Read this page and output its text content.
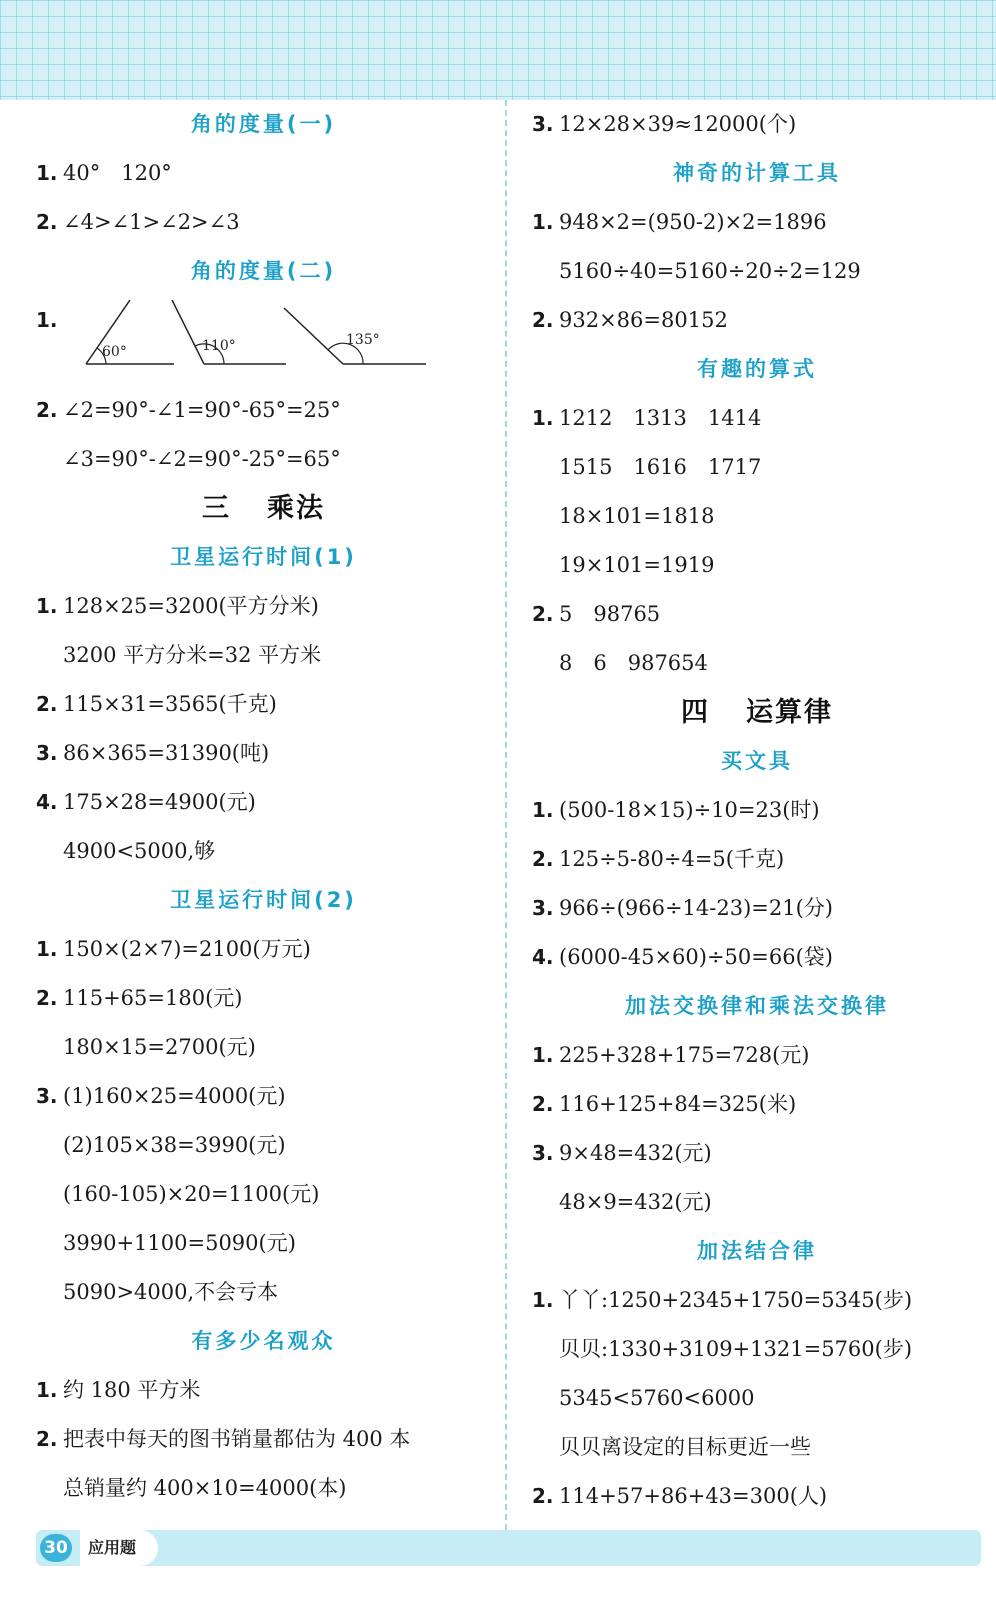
角的度量(一)
1. 40°　120°
2. ∠4>∠1>∠2>∠3
角的度量(二)
1.
60°	110°	135°
2. ∠2=90°-∠1=90°-65°=25°
∠3=90°-∠2=90°-25°=65°
三 乘法
卫星运行时间(1)
1. 128×25=3200(平方分米)
3200 平方分米=32 平方米
2. 115×31=3565(千克)
3. 86×365=31390(吨)
4. 175×28=4900(元)
4900<5000,够
卫星运行时间(2)
1. 150×(2×7)=2100(万元)
2. 115+65=180(元)
180×15=2700(元)
3. (1)160×25=4000(元)
(2)105×38=3990(元)
(160-105)×20=1100(元)
3990+1100=5090(元)
5090>4000,不会亏本
有多少名观众
1. 约 180 平方米
2. 把表中每天的图书销量都估为 400 本
总销量约 400×10=4000(本)
3. 12×28×39≈12000(个)
神奇的计算工具
1. 948×2=(950-2)×2=1896
5160÷40=5160÷20÷2=129
2. 932×86=80152
有趣的算式
1. 1212　1313　1414
1515　1616　1717
18×101=1818
19×101=1919
2. 5　98765
8　6　987654
四 运算律
买文具
1. (500-18×15)÷10=23(时)
2. 125÷5-80÷4=5(千克)
3. 966÷(966÷14-23)=21(分)
4. (6000-45×60)÷50=66(袋)
加法交换律和乘法交换律
1. 225+328+175=728(元)
2. 116+125+84=325(米)
3. 9×48=432(元)
48×9=432(元)
加法结合律
1. 丫丫:1250+2345+1750=5345(步)
贝贝:1330+3109+1321=5760(步)
5345<5760<6000
贝贝离设定的目标更近一些
2. 114+57+86+43=300(人)
应用题
30
